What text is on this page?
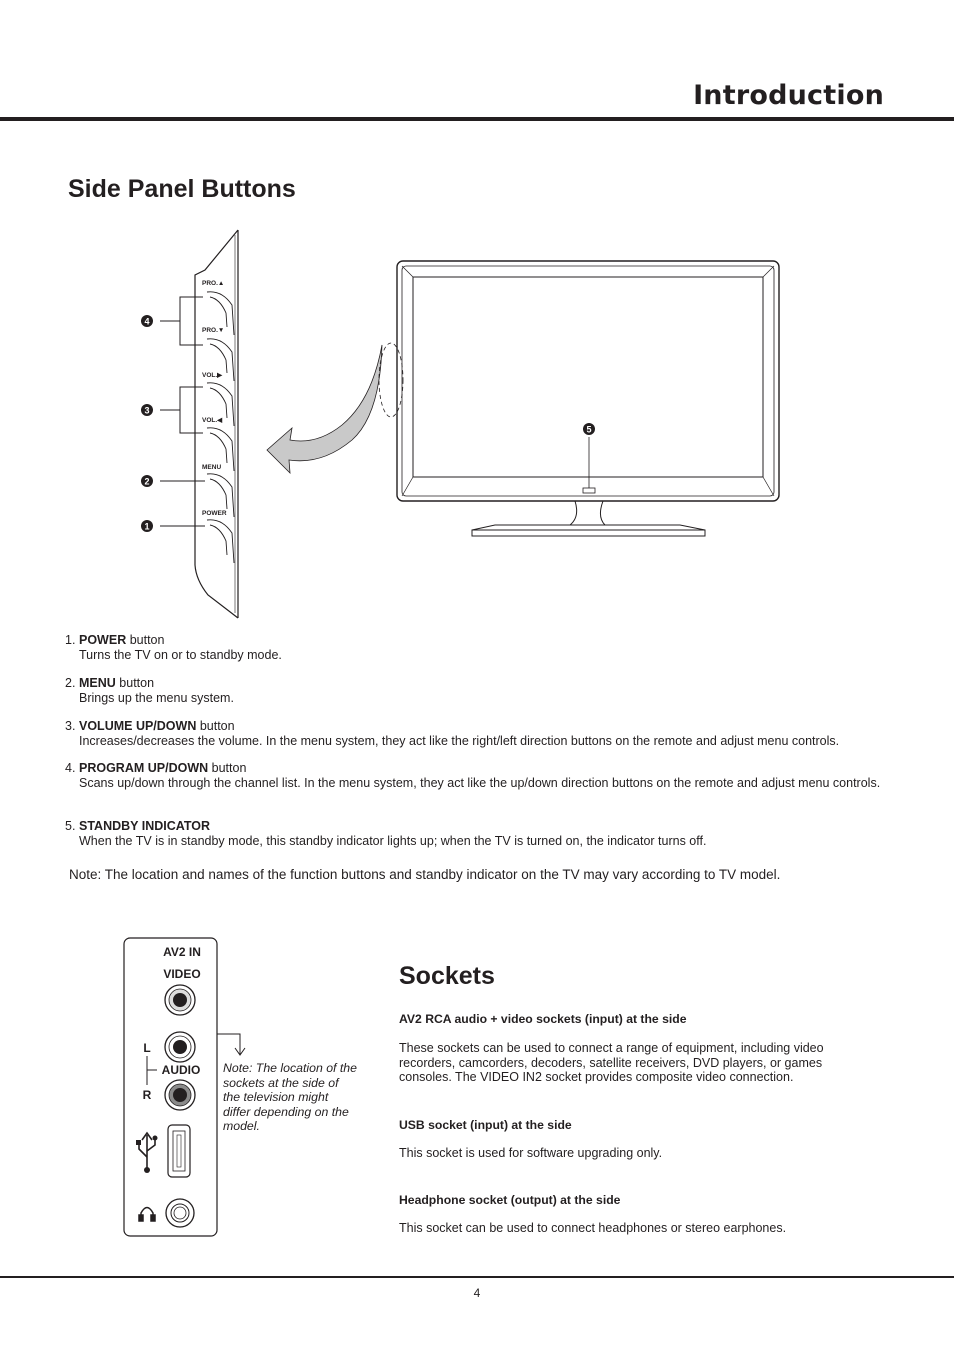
Introduction
Side Panel Buttons
PRO.▲
PRO.▼
VOL.▶
VOL.◀
MENU
POWER
4
3
2
1
5
1. POWER button
Turns the TV on or to standby mode.
2. MENU button
Brings up the menu system.
3. VOLUME UP/DOWN button
Increases/decreases the volume. In the menu system, they act like the right/left direction buttons on the remote and adjust menu controls.
4. PROGRAM UP/DOWN button
Scans up/down through the channel list. In the menu system, they act like the up/down direction buttons on the remote and adjust menu controls.
5. STANDBY INDICATOR
When the TV is in standby mode, this standby indicator lights up; when the TV is turned on, the indicator turns off.
Note: The location and names of the function buttons and standby indicator on the TV may vary according to TV model.
AV2 IN
VIDEO
L
AUDIO
R
Note: The location of the sockets at the side of the television might differ depending on the model.
Sockets
AV2 RCA audio + video sockets (input) at the side
These sockets can be used to connect a range of equipment, including video recorders, camcorders, decoders, satellite receivers, DVD players, or games consoles. The VIDEO IN2 socket provides composite video connection.
USB socket (input) at the side
This socket is used for software upgrading only.
Headphone socket (output) at the side
This socket can be used to connect headphones or stereo earphones.
4
